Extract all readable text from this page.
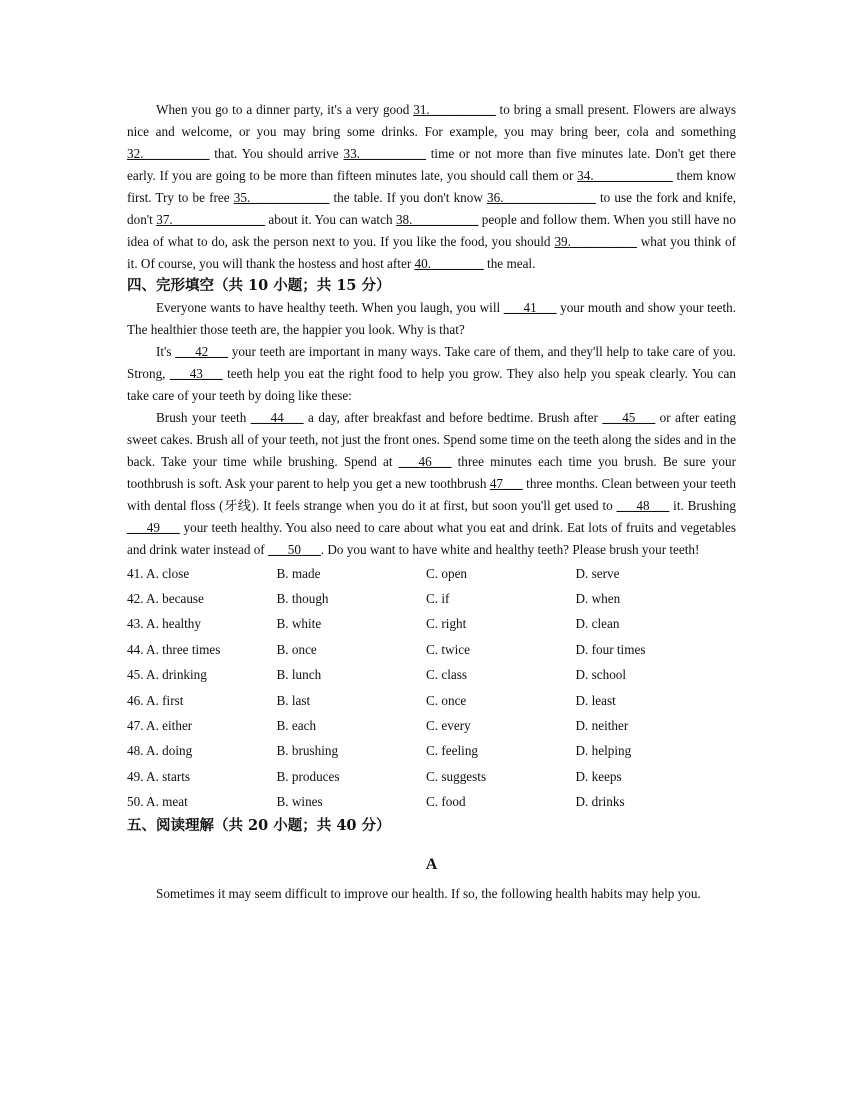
When you go to a dinner party, it's a very good 31.__________ to bring a small present. Flowers are always nice and welcome, or you may bring some drinks. For example, you may bring beer, cola and something 32.__________ that. You should arrive 33.__________ time or not more than five minutes late. Don't get there early. If you are going to be more than fifteen minutes late, you should call them or 34.____________ them know first. Try to be free 35.____________ the table. If you don't know 36.______________ to use the fork and knife, don't 37.______________ about it. You can watch 38.__________ people and follow them. When you still have no idea of what to do, ask the person next to you. If you like the food, you should 39.__________ what you think of it. Of course, you will thank the hostess and host after 40.________ the meal.

四、完形填空（共 10 小题；共 15 分）

Everyone wants to have healthy teeth. When you laugh, you will ___41___ your mouth and show your teeth. The healthier those teeth are, the happier you look. Why is that?

It's ___42___ your teeth are important in many ways. Take care of them, and they'll help to take care of you. Strong, ___43___ teeth help you eat the right food to help you grow. They also help you speak clearly. You can take care of your teeth by doing like these:

Brush your teeth ___44___ a day, after breakfast and before bedtime. Brush after ___45___ or after eating sweet cakes. Brush all of your teeth, not just the front ones. Spend some time on the teeth along the sides and in the back. Take your time while brushing. Spend at ___46___ three minutes each time you brush. Be sure your toothbrush is soft. Ask your parent to help you get a new toothbrush 47___ three months. Clean between your teeth with dental floss (牙线). It feels strange when you do it at first, but soon you'll get used to ___48___ it. Brushing ___49___ your teeth healthy. You also need to care about what you eat and drink. Eat lots of fruits and vegetables and drink water instead of ___50___. Do you want to have white and healthy teeth? Please brush your teeth!

41. A. close	B. made	C. open	D. serve
42. A. because	B. though	C. if	D. when
43. A. healthy	B. white	C. right	D. clean
44. A. three times	B. once	C. twice	D. four times
45. A. drinking	B. lunch	C. class	D. school
46. A. first	B. last	C. once	D. least
47. A. either	B. each	C. every	D. neither
48. A. doing	B. brushing	C. feeling	D. helping
49. A. starts	B. produces	C. suggests	D. keeps
50. A. meat	B. wines	C. food	D. drinks

五、阅读理解（共 20 小题；共 40 分）

A

Sometimes it may seem difficult to improve our health. If so, the following health habits may help you.
